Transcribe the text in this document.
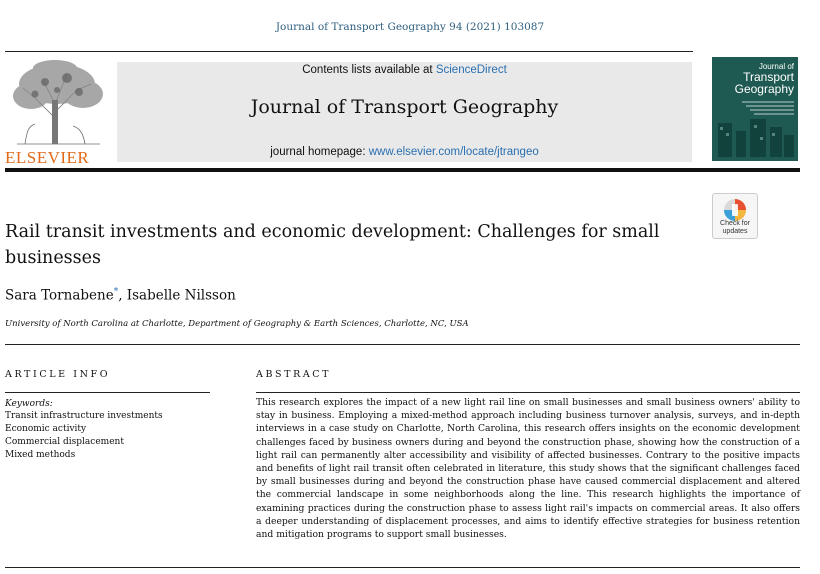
Journal of Transport Geography 94 (2021) 103087
ELSEVIER
Contents lists available at ScienceDirect
Journal of Transport Geography
journal homepage: www.elsevier.com/locate/jtrangeo
Journal of
Transport
Geography
Check for
updates
Rail transit investments and economic development: Challenges for small businesses
Sara Tornabene*, Isabelle Nilsson
University of North Carolina at Charlotte, Department of Geography & Earth Sciences, Charlotte, NC, USA
ARTICLE INFO	ABSTRACT
Keywords:
Transit infrastructure investments
Economic activity
Commercial displacement
Mixed methods
This research explores the impact of a new light rail line on small businesses and small business owners' ability to stay in business. Employing a mixed-method approach including business turnover analysis, surveys, and in-depth interviews in a case study on Charlotte, North Carolina, this research offers insights on the economic development challenges faced by business owners during and beyond the construction phase, showing how the construction of a light rail can permanently alter accessibility and visibility of affected businesses. Contrary to the positive impacts and benefits of light rail transit often celebrated in literature, this study shows that the significant challenges faced by small businesses during and beyond the construction phase have caused commercial displacement and altered the commercial landscape in some neighborhoods along the line. This research highlights the importance of examining practices during the construction phase to assess light rail's impacts on commercial areas. It also offers a deeper understanding of displacement processes, and aims to identify effective strategies for business retention and mitigation programs to support small businesses.
